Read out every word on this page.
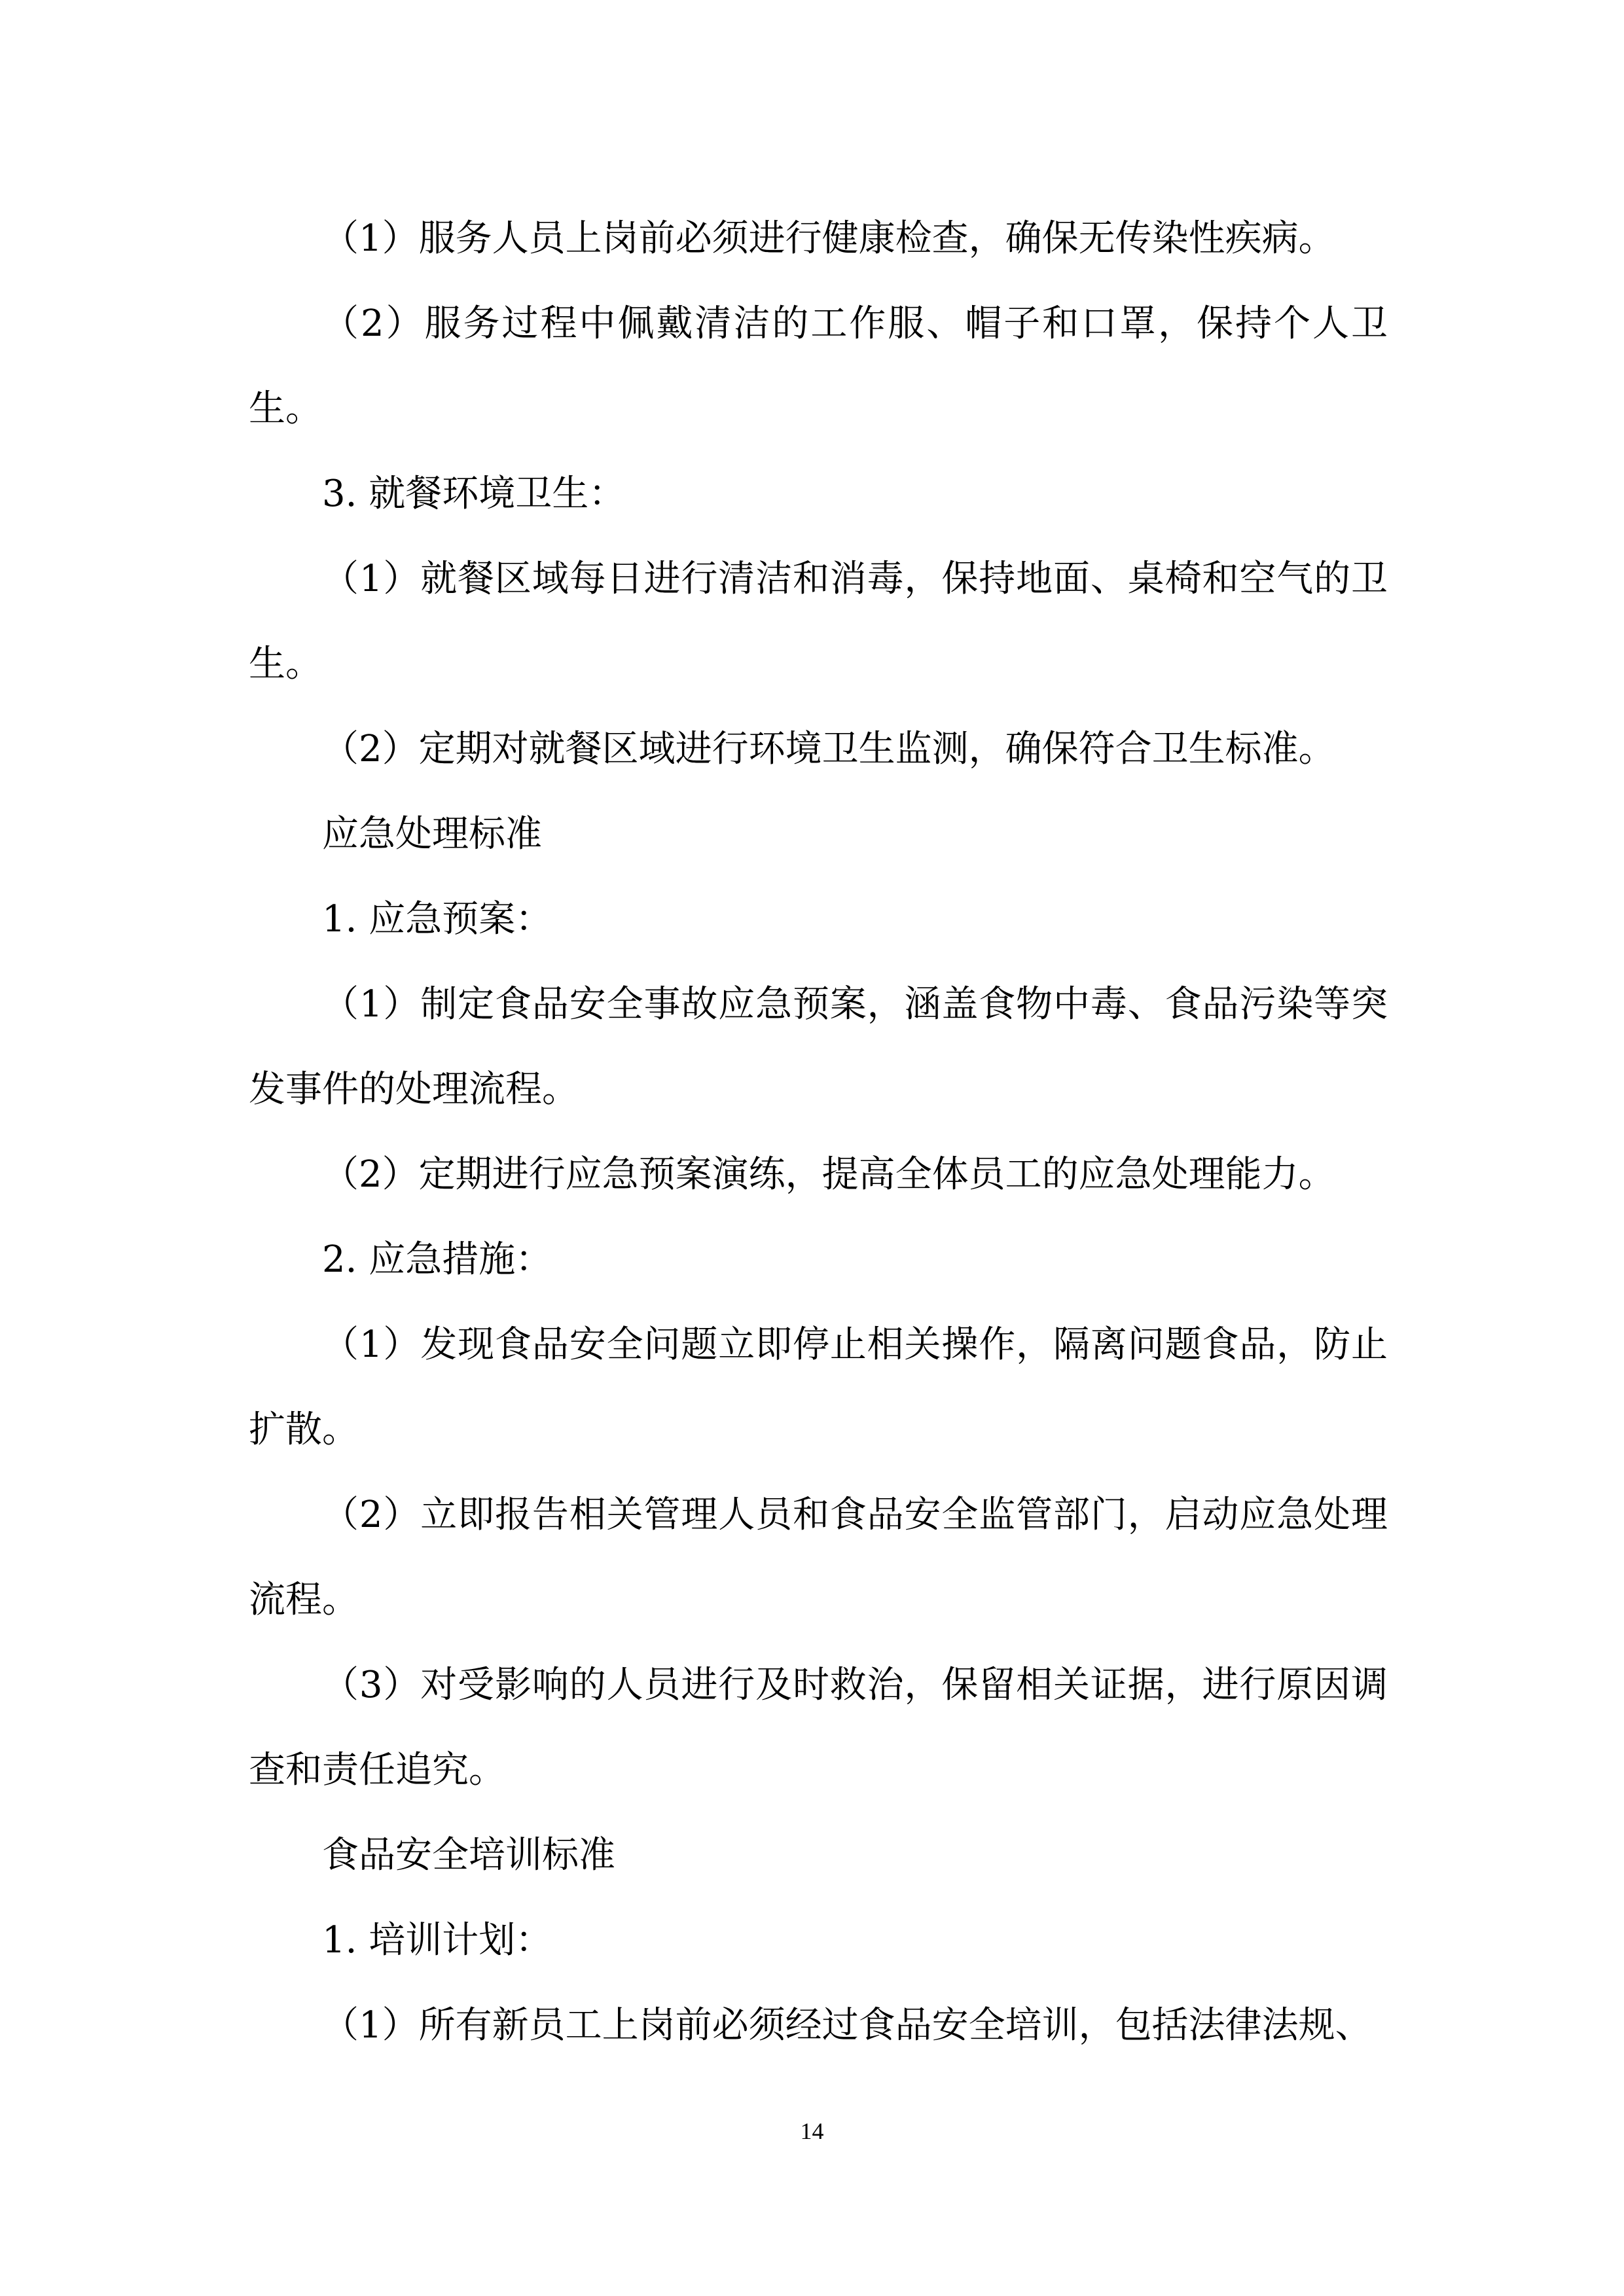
（1）服务人员上岗前必须进行健康检查，确保无传染性疾病。

（2）服务过程中佩戴清洁的工作服、帽子和口罩，保持个人卫生。

3. 就餐环境卫生：

（1）就餐区域每日进行清洁和消毒，保持地面、桌椅和空气的卫生。

（2）定期对就餐区域进行环境卫生监测，确保符合卫生标准。

应急处理标准

1. 应急预案：

（1）制定食品安全事故应急预案，涵盖食物中毒、食品污染等突发事件的处理流程。

（2）定期进行应急预案演练，提高全体员工的应急处理能力。

2. 应急措施：

（1）发现食品安全问题立即停止相关操作，隔离问题食品，防止扩散。

（2）立即报告相关管理人员和食品安全监管部门，启动应急处理流程。

（3）对受影响的人员进行及时救治，保留相关证据，进行原因调查和责任追究。

食品安全培训标准

1. 培训计划：

（1）所有新员工上岗前必须经过食品安全培训，包括法律法规、

14
